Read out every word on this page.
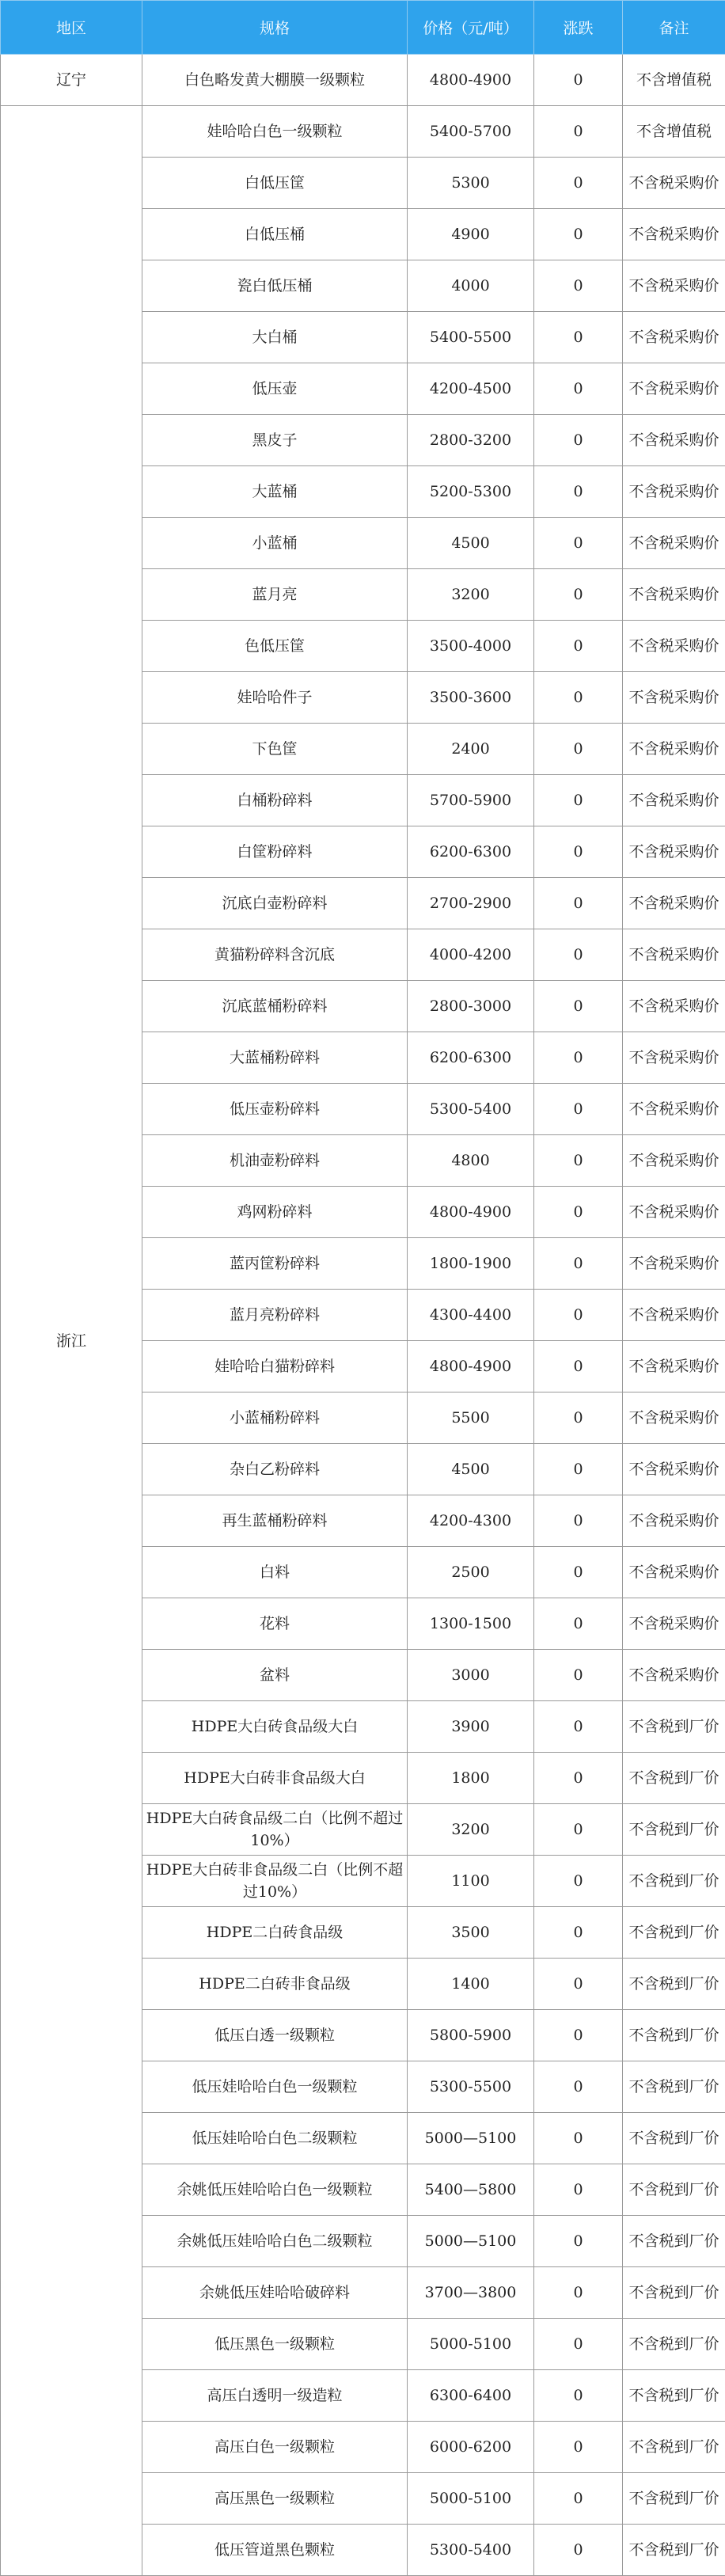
地区	规格	价格（元/吨）	涨跌	备注
辽宁	白色略发黄大棚膜一级颗粒	4800-4900	0	不含增值税
浙江	娃哈哈白色一级颗粒	5400-5700	0	不含增值税
	白低压筐	5300	0	不含税采购价
	白低压桶	4900	0	不含税采购价
	瓷白低压桶	4000	0	不含税采购价
	大白桶	5400-5500	0	不含税采购价
	低压壶	4200-4500	0	不含税采购价
	黑皮子	2800-3200	0	不含税采购价
	大蓝桶	5200-5300	0	不含税采购价
	小蓝桶	4500	0	不含税采购价
	蓝月亮	3200	0	不含税采购价
	色低压筐	3500-4000	0	不含税采购价
	娃哈哈件子	3500-3600	0	不含税采购价
	下色筐	2400	0	不含税采购价
	白桶粉碎料	5700-5900	0	不含税采购价
	白筐粉碎料	6200-6300	0	不含税采购价
	沉底白壶粉碎料	2700-2900	0	不含税采购价
	黄猫粉碎料含沉底	4000-4200	0	不含税采购价
	沉底蓝桶粉碎料	2800-3000	0	不含税采购价
	大蓝桶粉碎料	6200-6300	0	不含税采购价
	低压壶粉碎料	5300-5400	0	不含税采购价
	机油壶粉碎料	4800	0	不含税采购价
	鸡网粉碎料	4800-4900	0	不含税采购价
	蓝丙筐粉碎料	1800-1900	0	不含税采购价
	蓝月亮粉碎料	4300-4400	0	不含税采购价
	娃哈哈白猫粉碎料	4800-4900	0	不含税采购价
	小蓝桶粉碎料	5500	0	不含税采购价
	杂白乙粉碎料	4500	0	不含税采购价
	再生蓝桶粉碎料	4200-4300	0	不含税采购价
	白料	2500	0	不含税采购价
	花料	1300-1500	0	不含税采购价
	盆料	3000	0	不含税采购价
	HDPE大白砖食品级大白	3900	0	不含税到厂价
	HDPE大白砖非食品级大白	1800	0	不含税到厂价
	HDPE大白砖食品级二白（比例不超过10%）	3200	0	不含税到厂价
	HDPE大白砖非食品级二白（比例不超过10%）	1100	0	不含税到厂价
	HDPE二白砖食品级	3500	0	不含税到厂价
	HDPE二白砖非食品级	1400	0	不含税到厂价
	低压白透一级颗粒	5800-5900	0	不含税到厂价
	低压娃哈哈白色一级颗粒	5300-5500	0	不含税到厂价
	低压娃哈哈白色二级颗粒	5000—5100	0	不含税到厂价
	余姚低压娃哈哈白色一级颗粒	5400—5800	0	不含税到厂价
	余姚低压娃哈哈白色二级颗粒	5000—5100	0	不含税到厂价
	余姚低压娃哈哈破碎料	3700—3800	0	不含税到厂价
	低压黑色一级颗粒	5000-5100	0	不含税到厂价
	高压白透明一级造粒	6300-6400	0	不含税到厂价
	高压白色一级颗粒	6000-6200	0	不含税到厂价
	高压黑色一级颗粒	5000-5100	0	不含税到厂价
	低压管道黑色颗粒	5300-5400	0	不含税到厂价
